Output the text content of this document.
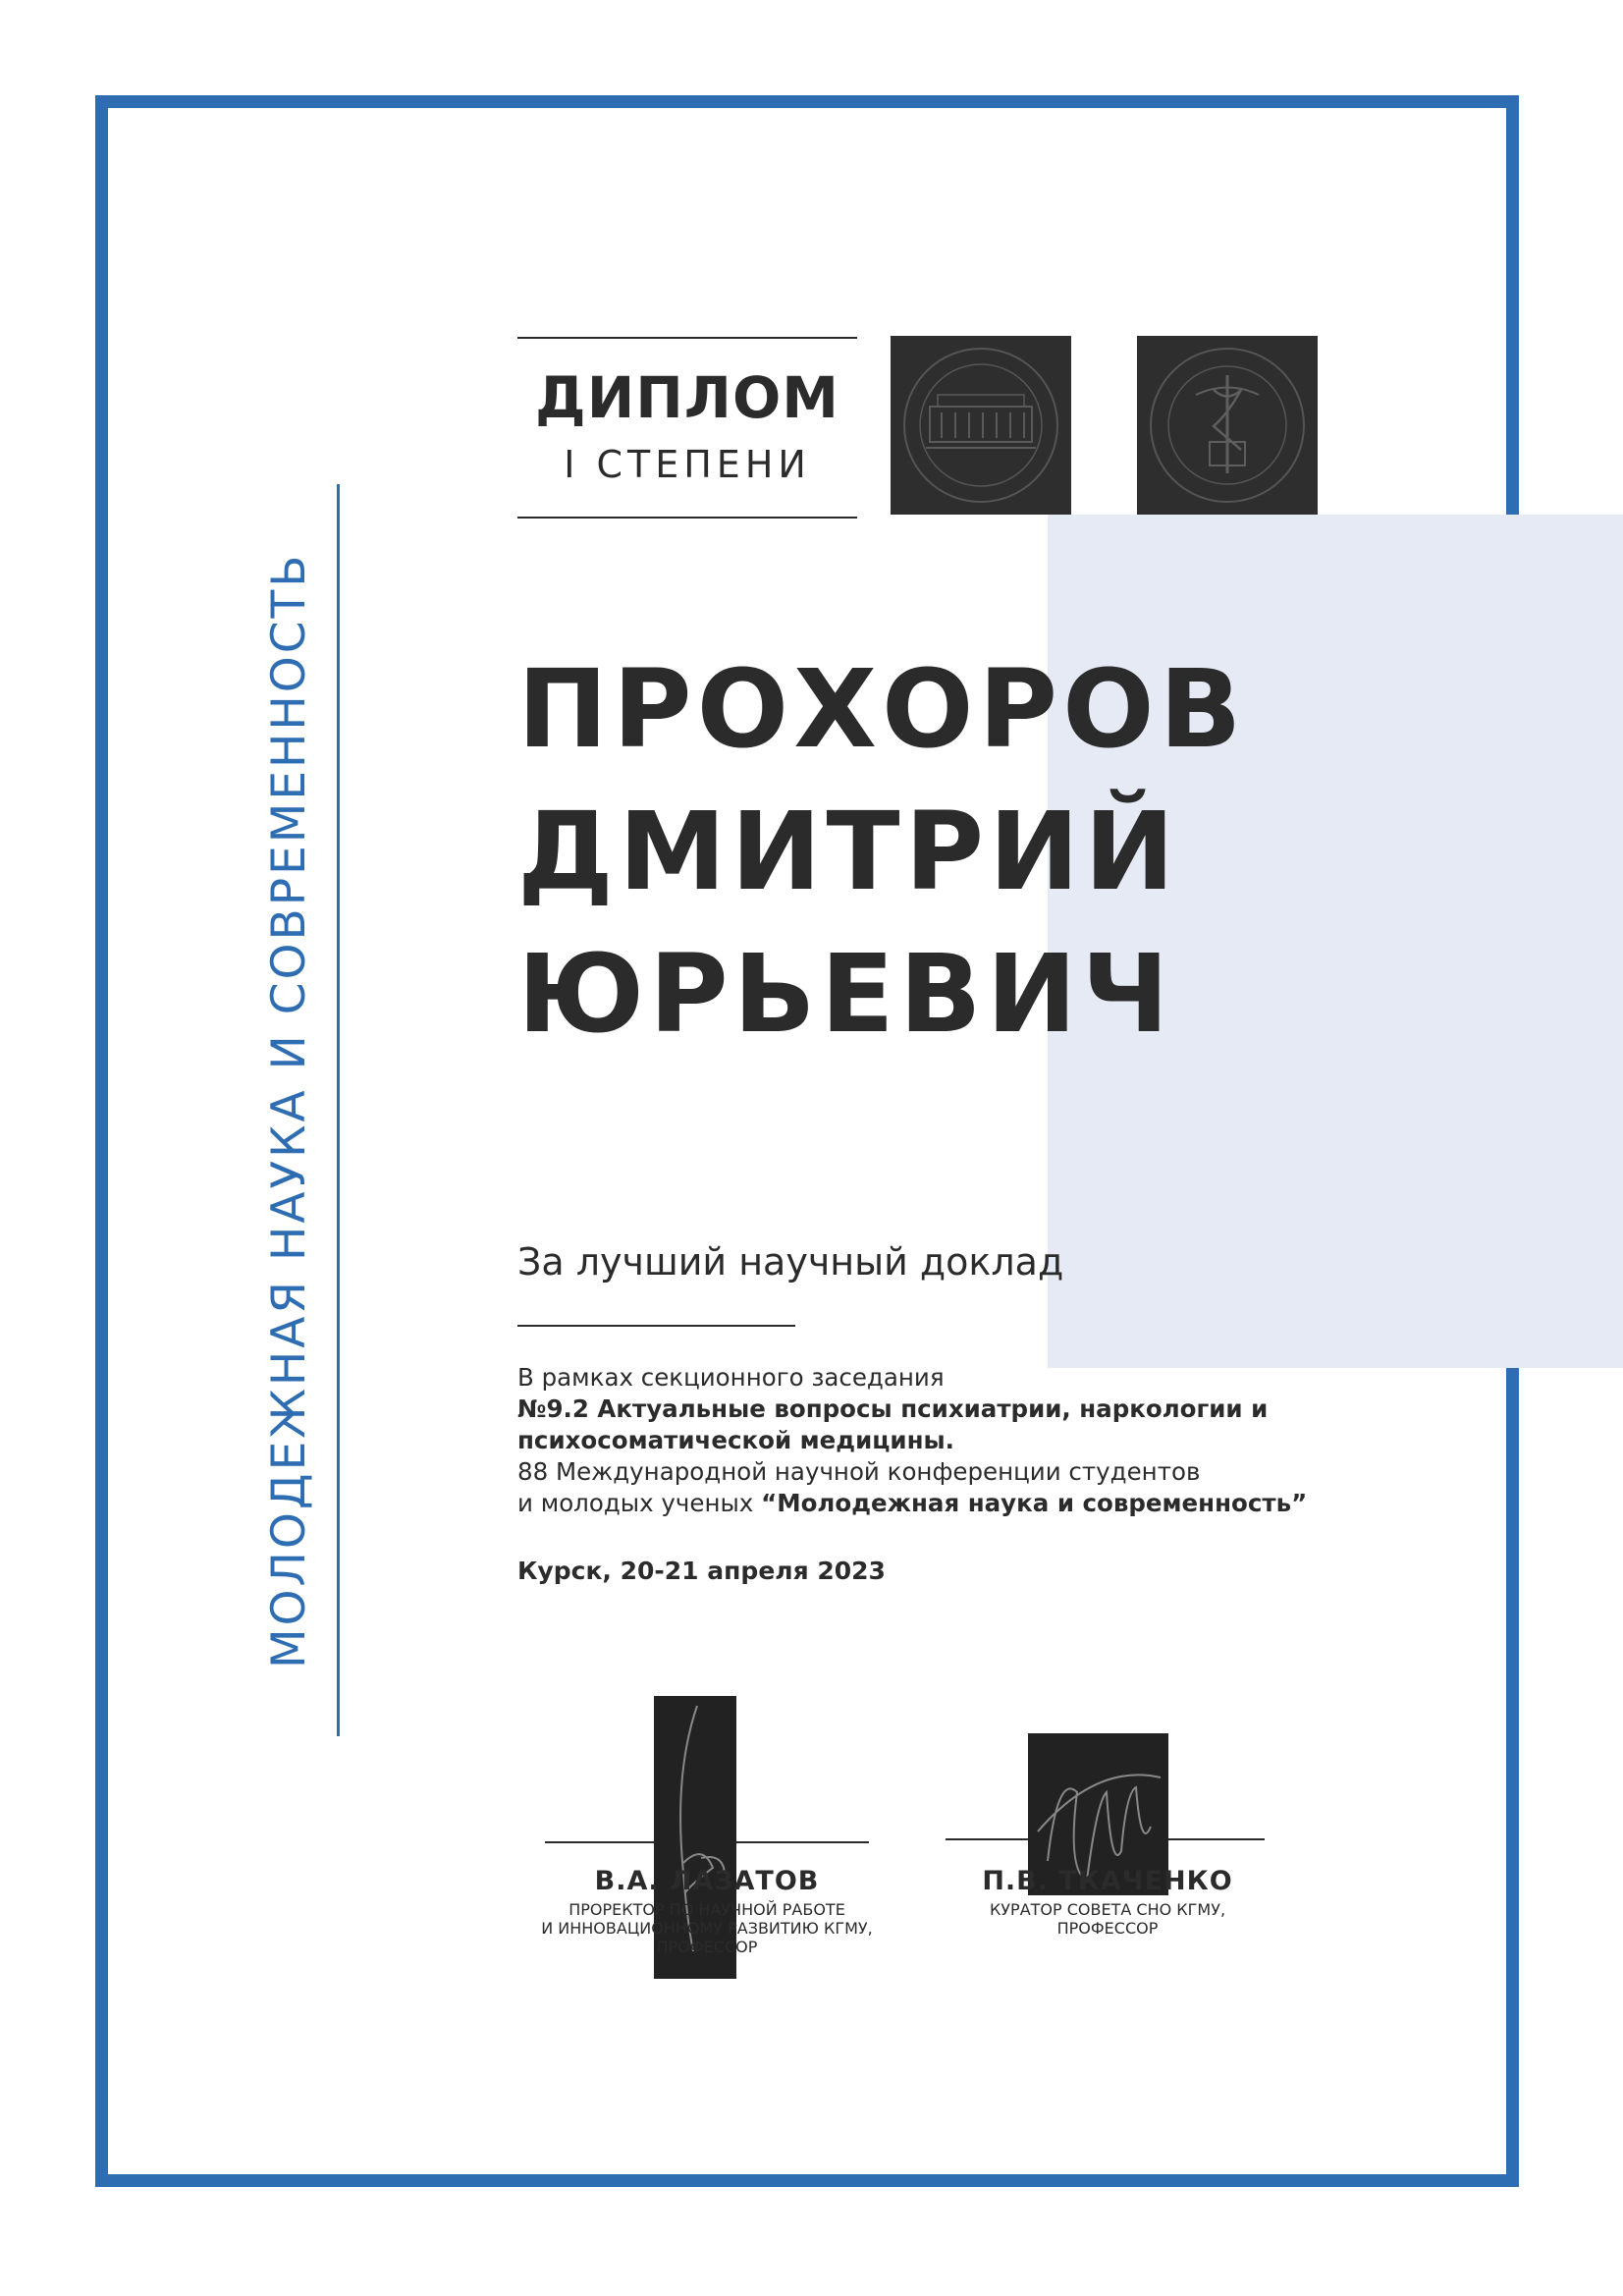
МОЛОДЕЖНАЯ НАУКА И СОВРЕМЕННОСТЬ
ДИПЛОМ
I СТЕПЕНИ
ПРОХОРОВ
ДМИТРИЙ
ЮРЬЕВИЧ
За лучший научный доклад
В рамках секционного заседания
№9.2 Актуальные вопросы психиатрии, наркологии и
психосоматической медицины.
88 Международной научной конференции студентов
и молодых ученых “Молодежная наука и современность”
Курск, 20-21 апреля 2023
В.А. ЛАЗАТОВ
ПРОРЕКТОР ПО НАУЧНОЙ РАБОТЕ
И ИННОВАЦИОННОМУ РАЗВИТИЮ КГМУ,
ПРОФЕССОР
П.В. ТКАЧЕНКО
КУРАТОР СОВЕТА СНО КГМУ,
ПРОФЕССОР
